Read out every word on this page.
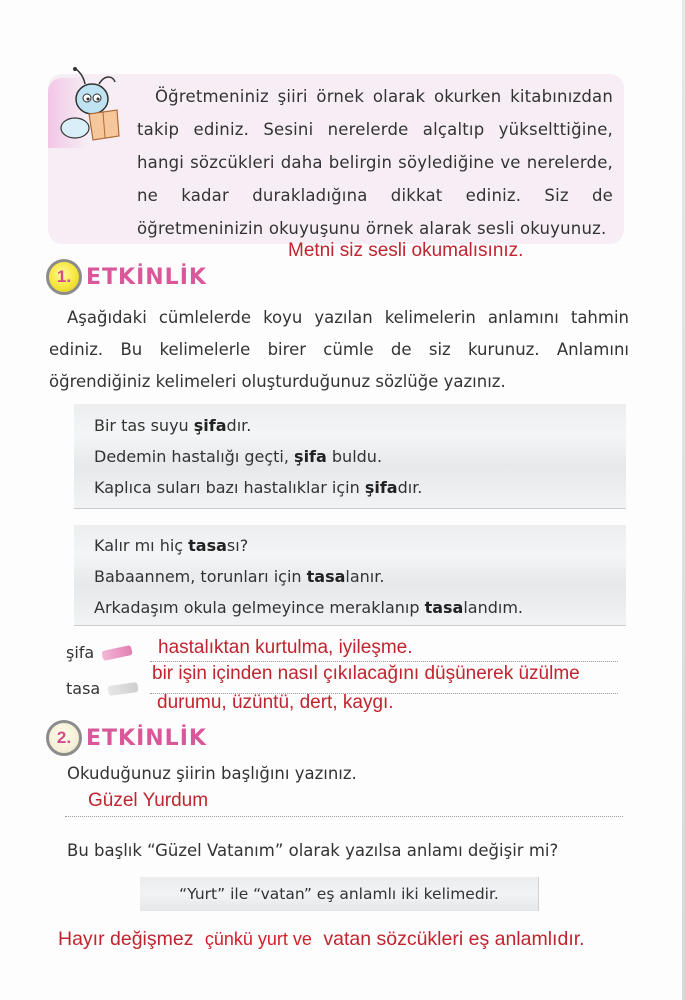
Öğretmeniniz şiiri örnek olarak okurken kitabınızdan takip ediniz. Sesini nerelerde alçaltıp yükselttiğine, hangi sözcükleri daha belirgin söylediğine ve nerelerde, ne kadar durakladığına dikkat ediniz. Siz de öğretmeninizin okuyuşunu örnek alarak sesli okuyunuz.
Metni siz sesli okumalısınız.
1. ETKİNLİK
Aşağıdaki cümlelerde koyu yazılan kelimelerin anlamını tahmin ediniz. Bu kelimelerle birer cümle de siz kurunuz. Anlamını öğrendiğiniz kelimeleri oluşturduğunuz sözlüğe yazınız.
Bir tas suyu şifadır.
Dedemin hastalığı geçti, şifa buldu.
Kaplıca suları bazı hastalıklar için şifadır.
Kalır mı hiç tasası?
Babaannem, torunları için tasalanır.
Arkadaşım okula gelmeyince meraklanıp tasalandım.
şifa
tasa
hastalıktan kurtulma, iyileşme.
bir işin içinden nasıl çıkılacağını düşünerek üzülme
durumu, üzüntü, dert, kaygı.
2. ETKİNLİK
Okuduğunuz şiirin başlığını yazınız.
Güzel Yurdum
Bu başlık “Güzel Vatanım” olarak yazılsa anlamı değişir mi?
“Yurt” ile “vatan” eş anlamlı iki kelimedir.
Hayır değişmez çünkü yurt ve vatan sözcükleri eş anlamlıdır.
